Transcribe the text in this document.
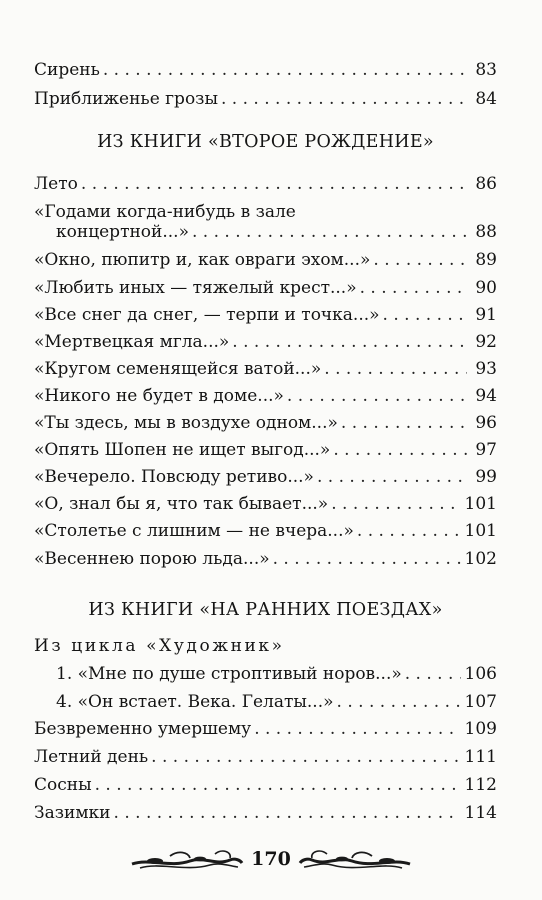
Сирень . . .	83
Приближенье грозы . . .	84
ИЗ КНИГИ «ВТОРОЕ РОЖДЕНИЕ»
Лето . . .	86
«Годами когда-нибудь в зале
концертной...» . . .	88
«Окно, пюпитр и, как овраги эхом...» . . .	89
«Любить иных — тяжелый крест...» . . .	90
«Все снег да снег, — терпи и точка...» . . .	91
«Мертвецкая мгла...» . . .	92
«Кругом семенящейся ватой...» . . .	93
«Никого не будет в доме...» . . .	94
«Ты здесь, мы в воздухе одном...» . . .	96
«Опять Шопен не ищет выгод...» . . .	97
«Вечерело. Повсюду ретиво...» . . .	99
«О, знал бы я, что так бывает...» . . .	101
«Столетье с лишним — не вчера...» . . .	101
«Весеннею порою льда...» . . .	102
ИЗ КНИГИ «НА РАННИХ ПОЕЗДАХ»
Из цикла «Художник»
1. «Мне по душе строптивый норов...» . . .	106
4. «Он встает. Века. Гелаты...» . . .	107
Безвременно умершему . . .	109
Летний день . . .	111
Сосны . . .	112
Зазимки . . .	114
170
